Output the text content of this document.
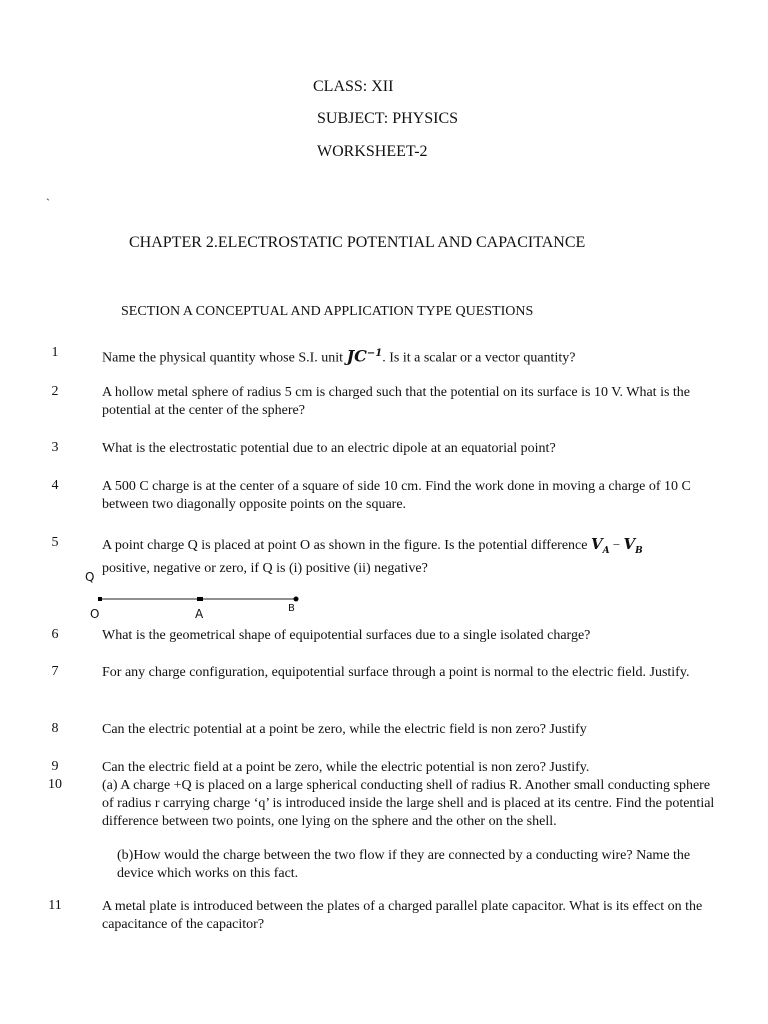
CLASS: XII
SUBJECT: PHYSICS
WORKSHEET-2
`
CHAPTER 2.ELECTROSTATIC POTENTIAL AND CAPACITANCE
SECTION A CONCEPTUAL AND APPLICATION TYPE QUESTIONS
1	Name the physical quantity whose S.I. unit $JC^{-1}$. Is it a scalar or a vector quantity?
2	A hollow metal sphere of radius 5 cm is charged such that the potential on its surface is 10 V. What is the potential at the center of the sphere?
3	What is the electrostatic potential due to an electric dipole at an equatorial point?
4	A 500 C charge is at the center of a square of side 10 cm. Find the work done in moving a charge of 10 C between two diagonally opposite points on the square.
5	A point charge Q is placed at point O as shown in the figure. Is the potential difference $V_A - V_B$
positive, negative or zero, if Q is (i) positive (ii) negative?
Q
O	A	B
6	What is the geometrical shape of equipotential surfaces due to a single isolated charge?
7	For any charge configuration, equipotential surface through a point is normal to the electric field. Justify.
8	Can the electric potential at a point be zero, while the electric field is non zero? Justify
9	Can the electric field at a point be zero, while the electric potential is non zero? Justify.
10	(a) A charge +Q is placed on a large spherical conducting shell of radius R. Another small conducting sphere of radius r carrying charge ‘q’ is introduced inside the large shell and is placed at its centre. Find the potential difference between two points, one lying on the sphere and the other on the shell.
(b)How would the charge between the two flow if they are connected by a conducting wire? Name the device which works on this fact.
11	A metal plate is introduced between the plates of a charged parallel plate capacitor. What is its effect on the capacitance of the capacitor?
